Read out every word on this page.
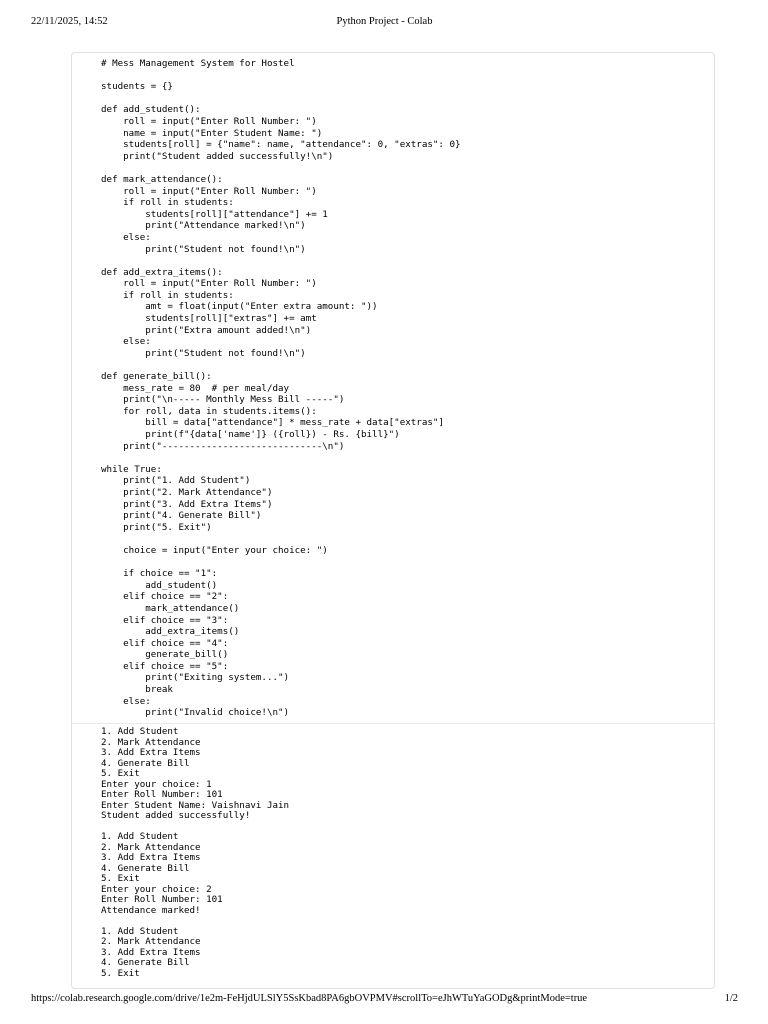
22/11/2025, 14:52	Python Project - Colab
# Mess Management System for Hostel

students = {}

def add_student():
roll = input("Enter Roll Number: ")
name = input("Enter Student Name: ")
students[roll] = {"name": name, "attendance": 0, "extras": 0}
print("Student added successfully!\n")

def mark_attendance():
roll = input("Enter Roll Number: ")
if roll in students:
students[roll]["attendance"] += 1
print("Attendance marked!\n")
else:
print("Student not found!\n")

def add_extra_items():
roll = input("Enter Roll Number: ")
if roll in students:
amt = float(input("Enter extra amount: "))
students[roll]["extras"] += amt
print("Extra amount added!\n")
else:
print("Student not found!\n")

def generate_bill():
mess_rate = 80  # per meal/day
print("\n----- Monthly Mess Bill -----")
for roll, data in students.items():
bill = data["attendance"] * mess_rate + data["extras"]
print(f"{data['name']} ({roll}) - Rs. {bill}")
print("-----------------------------\n")

while True:
print("1. Add Student")
print("2. Mark Attendance")
print("3. Add Extra Items")
print("4. Generate Bill")
print("5. Exit")

choice = input("Enter your choice: ")

if choice == "1":
add_student()
elif choice == "2":
mark_attendance()
elif choice == "3":
add_extra_items()
elif choice == "4":
generate_bill()
elif choice == "5":
print("Exiting system...")
break
else:
print("Invalid choice!\n")
1. Add Student
2. Mark Attendance
3. Add Extra Items
4. Generate Bill
5. Exit
Enter your choice: 1
Enter Roll Number: 101
Enter Student Name: Vaishnavi Jain
Student added successfully!

1. Add Student
2. Mark Attendance
3. Add Extra Items
4. Generate Bill
5. Exit
Enter your choice: 2
Enter Roll Number: 101
Attendance marked!

1. Add Student
2. Mark Attendance
3. Add Extra Items
4. Generate Bill
5. Exit
https://colab.research.google.com/drive/1e2m-FeHjdULSlY5SsKbad8PA6gbOVPMV#scrollTo=eJhWTuYaGODg&printMode=true	1/2
